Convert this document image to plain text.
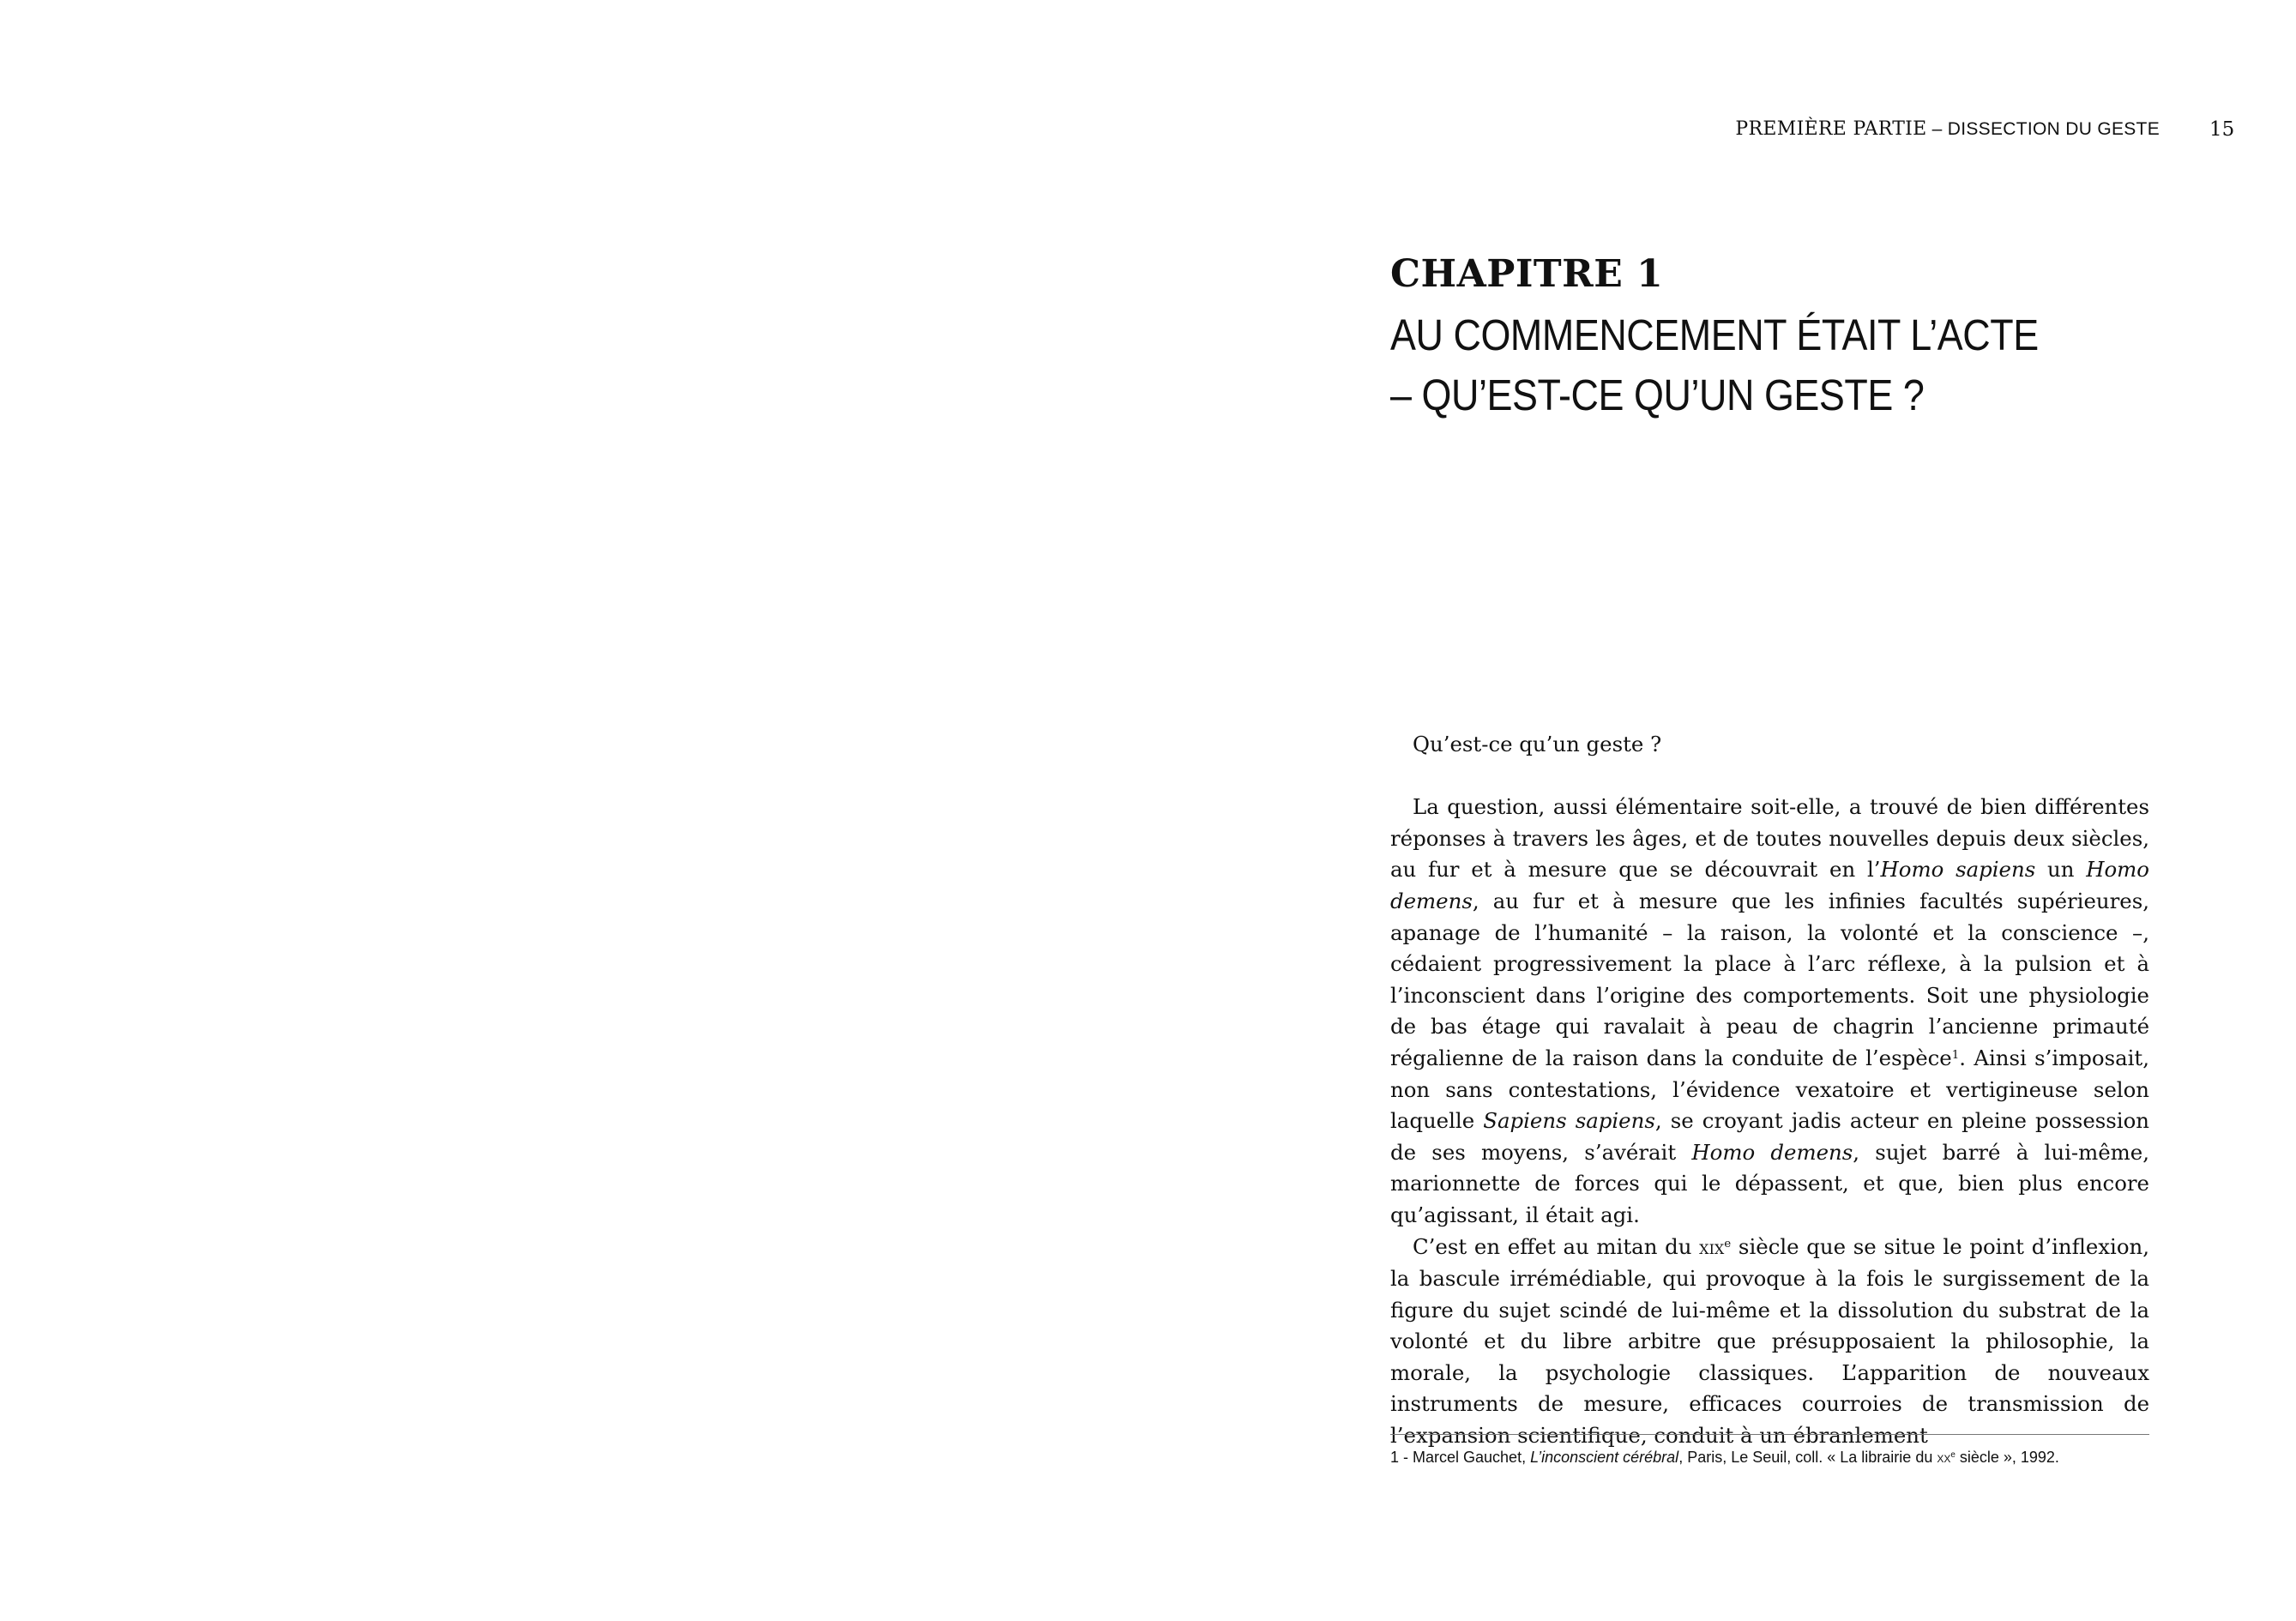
PREMIÈRE PARTIE – DISSECTION DU GESTE	15
CHAPITRE 1
AU COMMENCEMENT ÉTAIT L’ACTE
– QU’EST-CE QU’UN GESTE ?

Qu’est-ce qu’un geste ?

La question, aussi élémentaire soit-elle, a trouvé de bien différentes réponses à travers les âges, et de toutes nouvelles depuis deux siècles, au fur et à mesure que se découvrait en l’Homo sapiens un Homo demens, au fur et à mesure que les infinies facultés supérieures, apanage de l’humanité – la raison, la volonté et la conscience –, cédaient progressivement la place à l’arc réflexe, à la pulsion et à l’inconscient dans l’origine des comportements. Soit une physiologie de bas étage qui ravalait à peau de chagrin l’ancienne primauté régalienne de la raison dans la conduite de l’espèce$^1$. Ainsi s’imposait, non sans contestations, l’évidence vexatoire et vertigineuse selon laquelle Sapiens sapiens, se croyant jadis acteur en pleine possession de ses moyens, s’avérait Homo demens, sujet barré à lui-même, marionnette de forces qui le dépassent, et que, bien plus encore qu’agissant, il était agi.

C’est en effet au mitan du xix$^e$ siècle que se situe le point d’inflexion, la bascule irrémédiable, qui provoque à la fois le surgissement de la figure du sujet scindé de lui-même et la dissolution du substrat de la volonté et du libre arbitre que présupposaient la philosophie, la morale, la psychologie classiques. L’apparition de nouveaux instruments de mesure, efficaces courroies de transmission de l’expansion scientifique, conduit à un ébranlement

1 - Marcel Gauchet, L’inconscient cérébral, Paris, Le Seuil, coll. « La librairie du $xx^e$ siècle », 1992.
